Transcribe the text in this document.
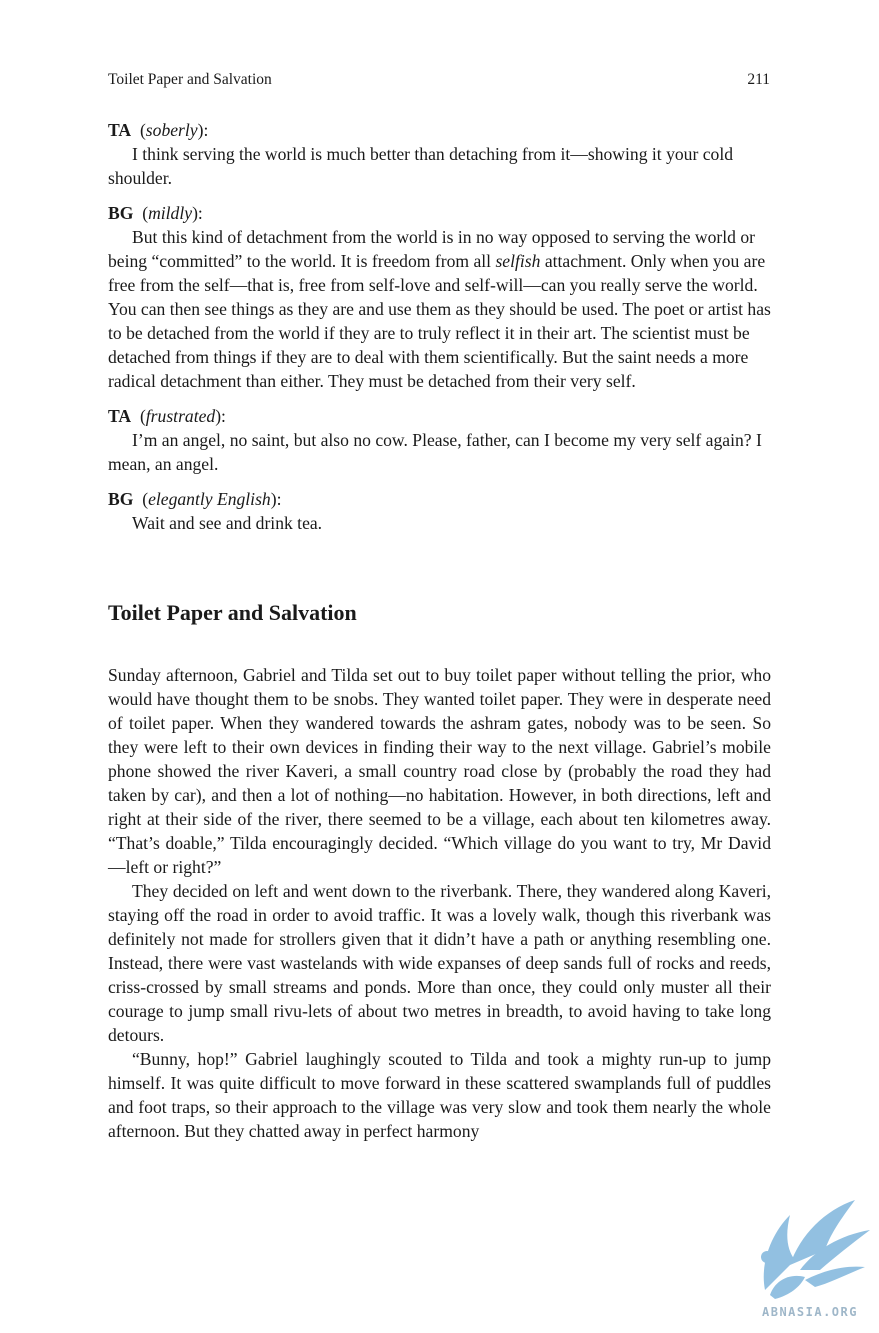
Toilet Paper and Salvation	211
TA  (soberly):

I think serving the world is much better than detaching from it—showing it your cold shoulder.

BG  (mildly):

But this kind of detachment from the world is in no way opposed to serving the world or being “committed” to the world. It is freedom from all selfish attachment. Only when you are free from the self—that is, free from self-love and self-will—can you really serve the world. You can then see things as they are and use them as they should be used. The poet or artist has to be detached from the world if they are to truly reflect it in their art. The scientist must be detached from things if they are to deal with them scientifically. But the saint needs a more radical detachment than either. They must be detached from their very self.

TA  (frustrated):

I’m an angel, no saint, but also no cow. Please, father, can I become my very self again? I mean, an angel.

BG  (elegantly English):

Wait and see and drink tea.

Toilet Paper and Salvation

Sunday afternoon, Gabriel and Tilda set out to buy toilet paper without telling the prior, who would have thought them to be snobs. They wanted toilet paper. They were in desperate need of toilet paper. When they wandered towards the ashram gates, nobody was to be seen. So they were left to their own devices in finding their way to the next village. Gabriel’s mobile phone showed the river Kaveri, a small country road close by (probably the road they had taken by car), and then a lot of nothing—no habitation. However, in both directions, left and right at their side of the river, there seemed to be a village, each about ten kilometres away. “That’s doable,” Tilda encouragingly decided. “Which village do you want to try, Mr David—left or right?”

They decided on left and went down to the riverbank. There, they wandered along Kaveri, staying off the road in order to avoid traffic. It was a lovely walk, though this riverbank was definitely not made for strollers given that it didn’t have a path or anything resembling one. Instead, there were vast wastelands with wide expanses of deep sands full of rocks and reeds, criss-crossed by small streams and ponds. More than once, they could only muster all their courage to jump small rivu-lets of about two metres in breadth, to avoid having to take long detours.

“Bunny, hop!” Gabriel laughingly scouted to Tilda and took a mighty run-up to jump himself. It was quite difficult to move forward in these scattered swamplands full of puddles and foot traps, so their approach to the village was very slow and took them nearly the whole afternoon. But they chatted away in perfect harmony

ABNASIA.ORG
